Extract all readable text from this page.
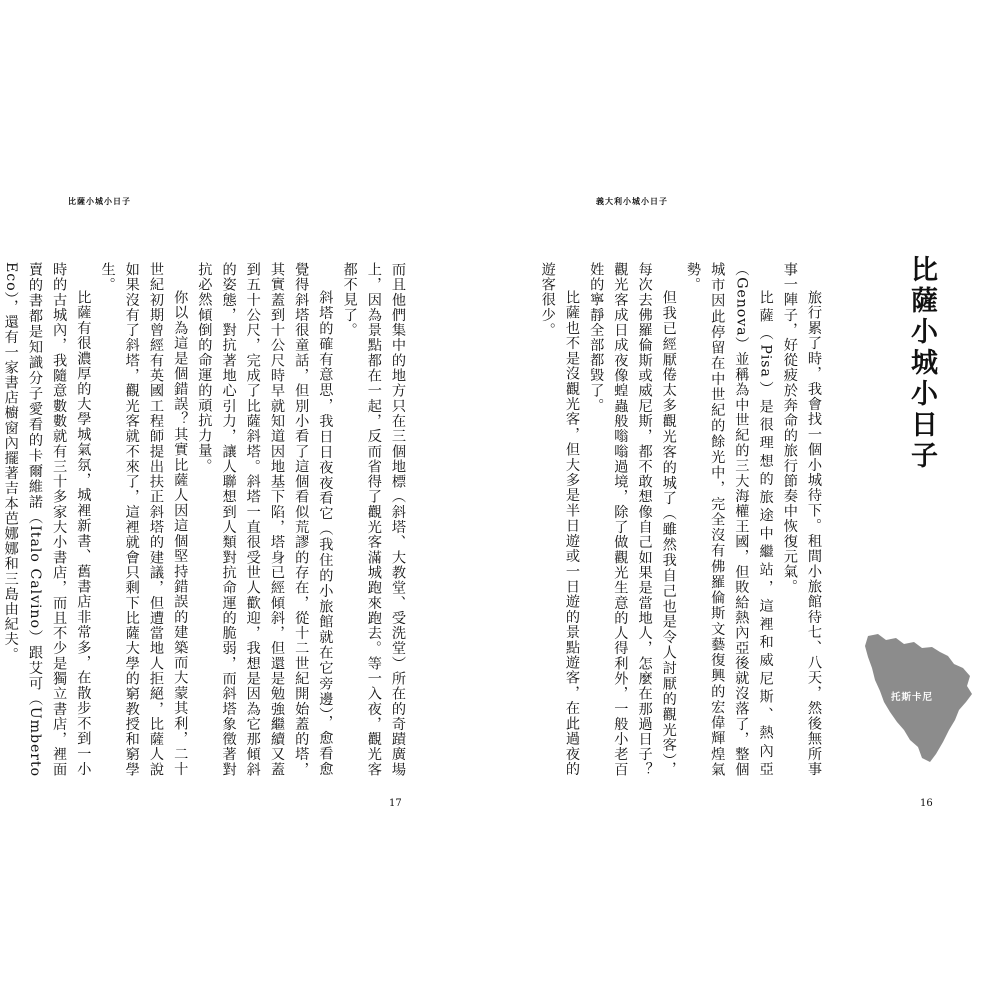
比薩小城小日子

而且他們集中的地方只在三個地標（斜塔、大教堂、受洗堂）所在的奇蹟廣場上，因為景點都在一起，反而省得了觀光客滿城跑來跑去。等一入夜，觀光客都不見了。

斜塔的確有意思，我日日夜夜看它（我住的小旅館就在它旁邊），愈看愈覺得斜塔很童話，但別小看了這個看似荒謬的存在，從十二世紀開始蓋的塔，其實蓋到十公尺時早就知道因地基下陷，塔身已經傾斜，但還是勉強繼續又蓋到五十公尺，完成了比薩斜塔。斜塔一直很受世人歡迎，我想是因為它那傾斜的姿態，對抗著地心引力，讓人聯想到人類對抗命運的脆弱，而斜塔象徵著對抗必然傾倒的命運的頑抗力量。

你以為這是個錯誤？其實比薩人因這個堅持錯誤的建築而大蒙其利，二十世紀初期曾經有英國工程師提出扶正斜塔的建議，但遭當地人拒絕，比薩人說如果沒有了斜塔，觀光客就不來了，這裡就會只剩下比薩大學的窮教授和窮學生。

比薩有很濃厚的大學城氣氛，城裡新書、舊書店非常多，在散步不到一小時的古城內，我隨意數數就有三十多家大小書店，而且不少是獨立書店，裡面賣的書都是知識分子愛看的卡爾維諾（Italo Calvino）跟艾可（Umberto Eco），還有一家書店櫥窗內擺著吉本芭娜娜和三島由紀夫。

17
義大利小城小日子
比薩小城小日子

旅行累了時，我會找一個小城待下。租間小旅館待七、八天，然後無所事事一陣子，好從疲於奔命的旅行節奏中恢復元氣。

比薩（Pisa）是很理想的旅途中繼站，這裡和威尼斯、熱內亞（Genova）並稱為中世紀的三大海權王國，但敗給熱內亞後就沒落了，整個城市因此停留在中世紀的餘光中，完全沒有佛羅倫斯文藝復興的宏偉輝煌氣勢。

但我已經厭倦太多觀光客的城了（雖然我自己也是令人討厭的觀光客），每次去佛羅倫斯或威尼斯，都不敢想像自己如果是當地人，怎麼在那過日子？觀光客成日成夜像蝗蟲般嗡嗡過境，除了做觀光生意的人得利外，一般小老百姓的寧靜全部都毀了。

比薩也不是沒觀光客，但大多是半日遊或一日遊的景點遊客，在此過夜的遊客很少。

托斯卡尼
16
